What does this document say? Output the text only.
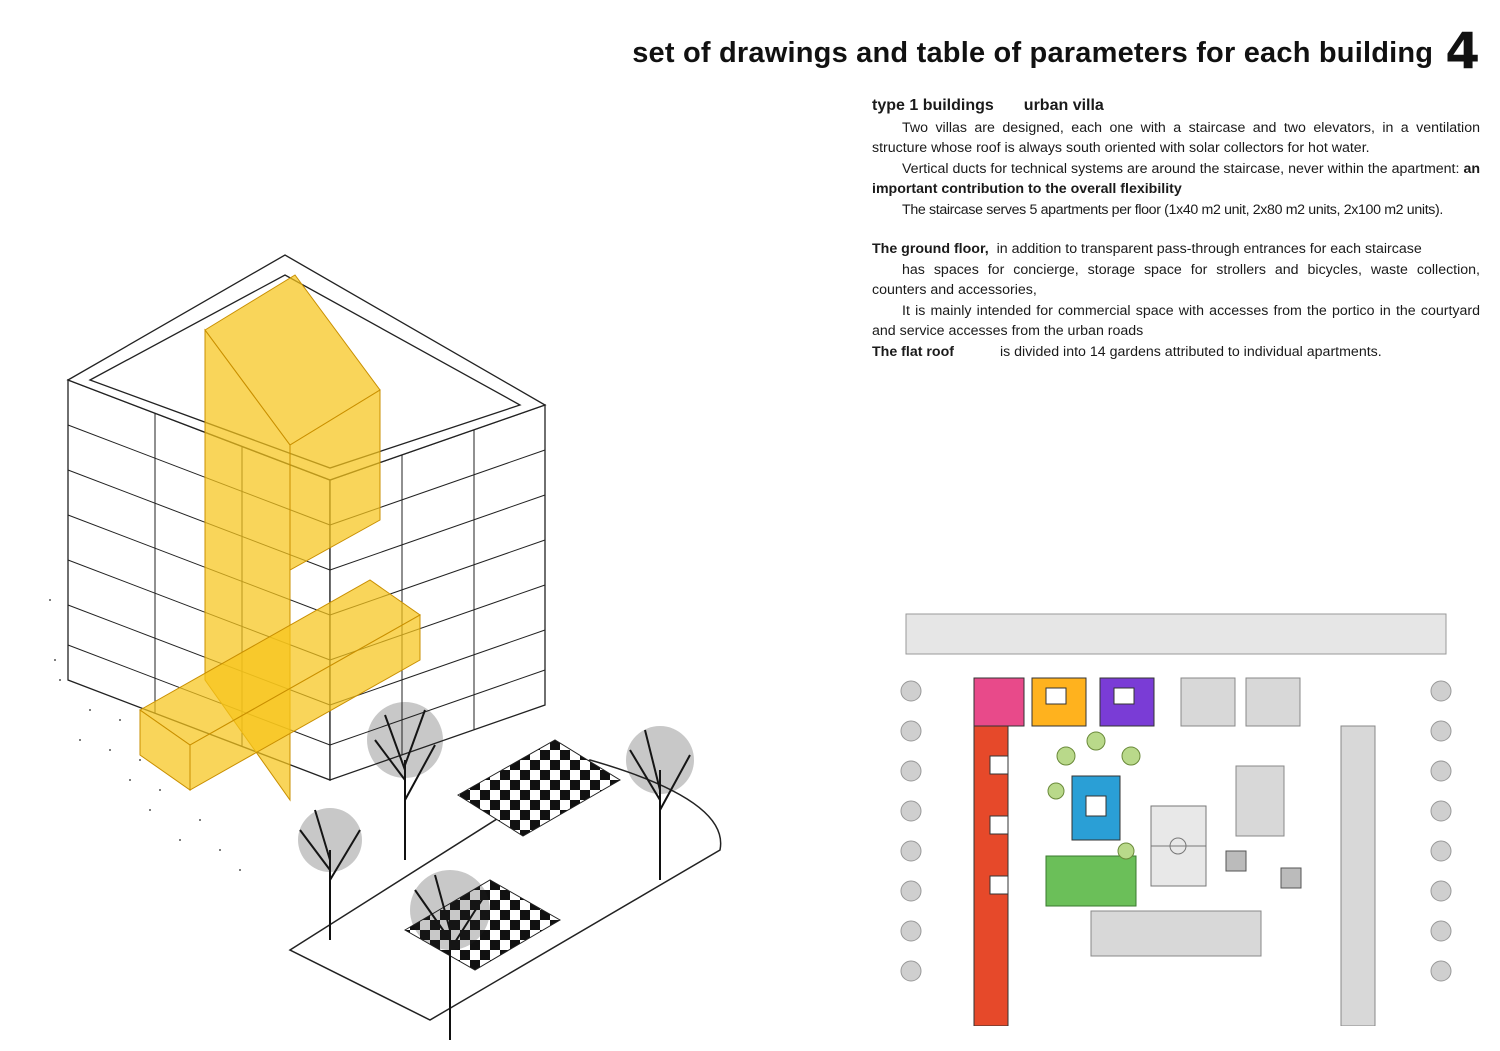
set of drawings and table of parameters for each building 4
type 1 buildings urban villa

Two villas are designed, each one with a staircase and two elevators, in a ventilation structure whose roof is always south oriented with solar collectors for hot water.

Vertical ducts for technical systems are around the staircase, never within the apartment: an important contribution to the overall flexibility

The staircase serves 5 apartments per floor (1x40 m2 unit, 2x80 m2 units, 2x100 m2 units).

The ground floor, in addition to transparent pass-through entrances for each staircase

has spaces for concierge, storage space for strollers and bicycles, waste collection, counters and accessories,

It is mainly intended for commercial space with accesses from the portico in the courtyard and service accesses from the urban roads

The flat roof	is divided into 14 gardens attributed to individual apartments.
